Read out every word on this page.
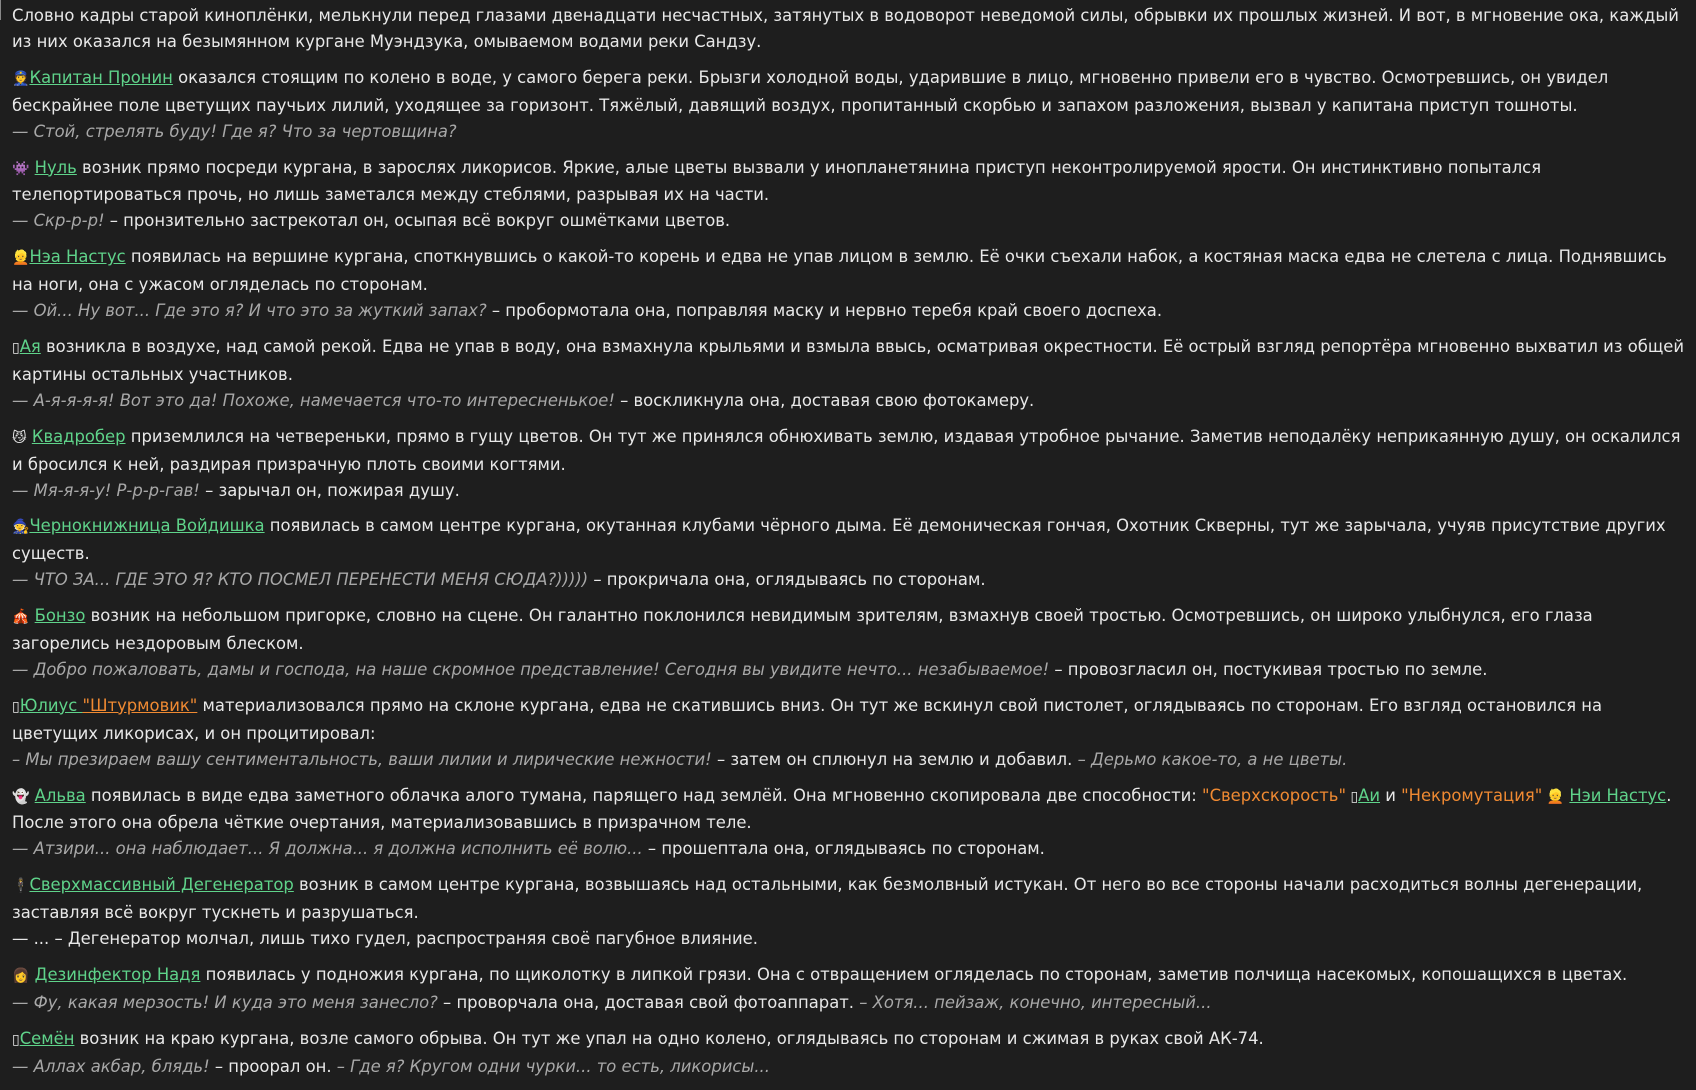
Словно кадры старой киноплёнки, мелькнули перед глазами двенадцати несчастных, затянутых в водоворот неведомой силы, обрывки их прошлых жизней. И вот, в мгновение ока, каждый из них оказался на безымянном кургане Муэндзука, омываемом водами реки Сандзу.

👮Капитан Пронин оказался стоящим по колено в воде, у самого берега реки. Брызги холодной воды, ударившие в лицо, мгновенно привели его в чувство. Осмотревшись, он увидел бескрайнее поле цветущих паучьих лилий, уходящее за горизонт. Тяжёлый, давящий воздух, пропитанный скорбью и запахом разложения, вызвал у капитана приступ тошноты.
— Стой, стрелять буду! Где я? Что за чертовщина?

👾 Нуль возник прямо посреди кургана, в зарослях ликорисов. Яркие, алые цветы вызвали у инопланетянина приступ неконтролируемой ярости. Он инстинктивно попытался телепортироваться прочь, но лишь заметался между стеблями, разрывая их на части.
— Скр-р-р! – пронзительно застрекотал он, осыпая всё вокруг ошмётками цветов.

👱Нэа Настус появилась на вершине кургана, споткнувшись о какой-то корень и едва не упав лицом в землю. Её очки съехали набок, а костяная маска едва не слетела с лица. Поднявшись на ноги, она с ужасом огляделась по сторонам.
— Ой... Ну вот... Где это я? И что это за жуткий запах? – пробормотала она, поправляя маску и нервно теребя край своего доспеха.

▯Ая возникла в воздухе, над самой рекой. Едва не упав в воду, она взмахнула крыльями и взмыла ввысь, осматривая окрестности. Её острый взгляд репортёра мгновенно выхватил из общей картины остальных участников.
— А-я-я-я-я! Вот это да! Похоже, намечается что-то интересненькое! – воскликнула она, доставая свою фотокамеру.

😼 Квадробер приземлился на четвереньки, прямо в гущу цветов. Он тут же принялся обнюхивать землю, издавая утробное рычание. Заметив неподалёку неприкаянную душу, он оскалился и бросился к ней, раздирая призрачную плоть своими когтями.
— Мя-я-я-у! Р-р-р-гав! – зарычал он, пожирая душу.

🧙Чернокнижница Войдишка появилась в самом центре кургана, окутанная клубами чёрного дыма. Её демоническая гончая, Охотник Скверны, тут же зарычала, учуяв присутствие других существ.
— ЧТО ЗА... ГДЕ ЭТО Я? КТО ПОСМЕЛ ПЕРЕНЕСТИ МЕНЯ СЮДА?))))) – прокричала она, оглядываясь по сторонам.

🎪 Бонзо возник на небольшом пригорке, словно на сцене. Он галантно поклонился невидимым зрителям, взмахнув своей тростью. Осмотревшись, он широко улыбнулся, его глаза загорелись нездоровым блеском.
— Добро пожаловать, дамы и господа, на наше скромное представление! Сегодня вы увидите нечто... незабываемое! – провозгласил он, постукивая тростью по земле.

▯Юлиус "Штурмовик" материализовался прямо на склоне кургана, едва не скатившись вниз. Он тут же вскинул свой пистолет, оглядываясь по сторонам. Его взгляд остановился на цветущих ликорисах, и он процитировал:
– Мы презираем вашу сентиментальность, ваши лилии и лирические нежности! – затем он сплюнул на землю и добавил. – Дерьмо какое-то, а не цветы.

👻 Альва появилась в виде едва заметного облачка алого тумана, парящего над землёй. Она мгновенно скопировала две способности: "Сверхскорость" ▯Аи и "Некромутация" 👱 Нэи Настус. После этого она обрела чёткие очертания, материализовавшись в призрачном теле.
— Атзири... она наблюдает... Я должна... я должна исполнить её волю... – прошептала она, оглядываясь по сторонам.

🕴Сверхмассивный Дегенератор возник в самом центре кургана, возвышаясь над остальными, как безмолвный истукан. От него во все стороны начали расходиться волны дегенерации, заставляя всё вокруг тускнеть и разрушаться.
— ... – Дегенератор молчал, лишь тихо гудел, распространяя своё пагубное влияние.

👩 Дезинфектор Надя появилась у подножия кургана, по щиколотку в липкой грязи. Она с отвращением огляделась по сторонам, заметив полчища насекомых, копошащихся в цветах.
— Фу, какая мерзость! И куда это меня занесло? – проворчала она, доставая свой фотоаппарат. – Хотя... пейзаж, конечно, интересный...

▯Семён возник на краю кургана, возле самого обрыва. Он тут же упал на одно колено, оглядываясь по сторонам и сжимая в руках свой АК-74.
— Аллах акбар, блядь! – проорал он. – Где я? Кругом одни чурки... то есть, ликорисы...
